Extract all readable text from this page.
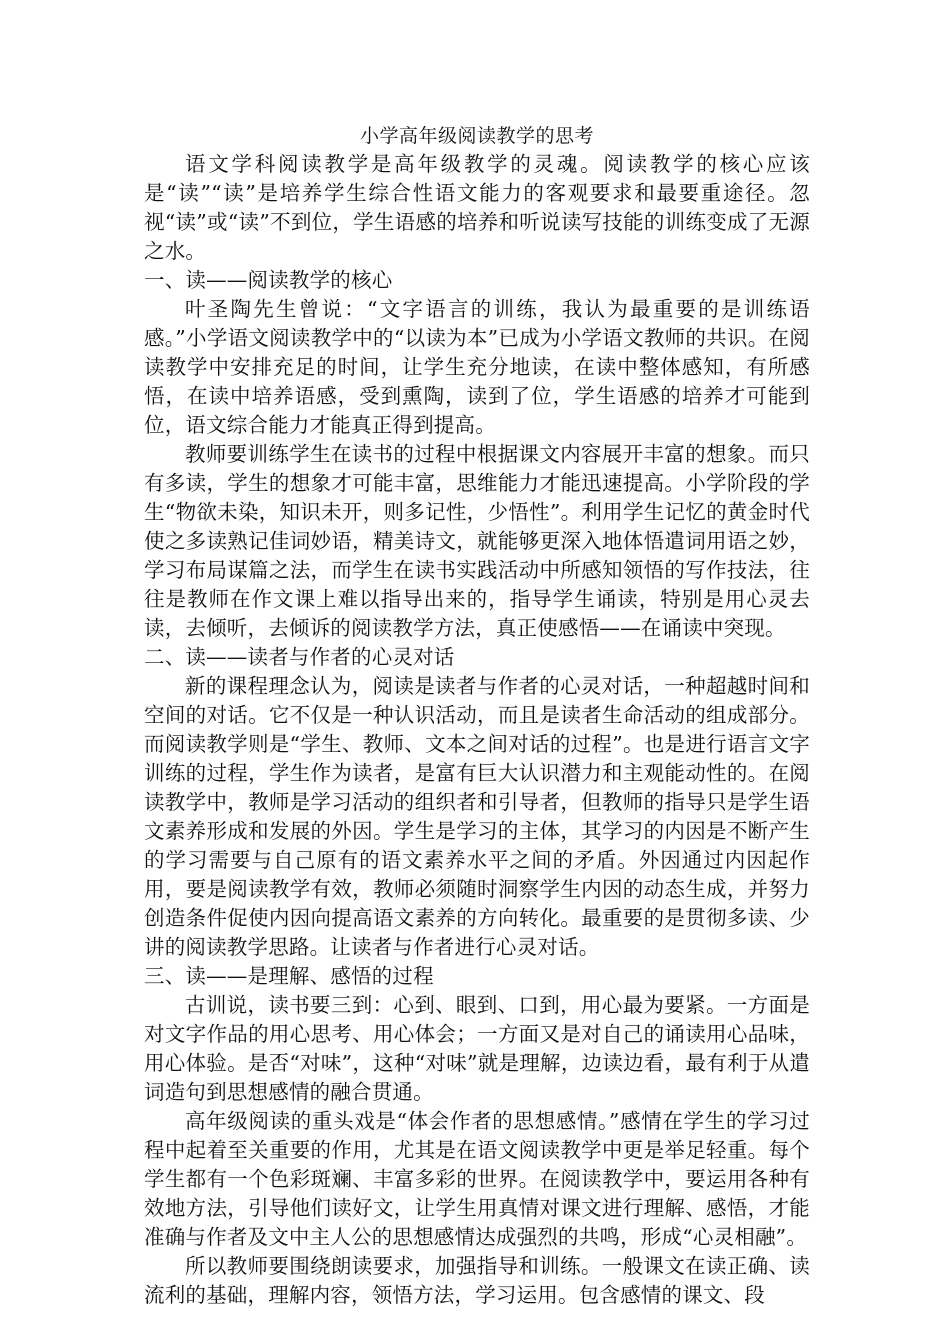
小学高年级阅读教学的思考

语文学科阅读教学是高年级教学的灵魂。阅读教学的核心应该是“读”“读”是培养学生综合性语文能力的客观要求和最要重途径。忽视“读”或“读”不到位，学生语感的培养和听说读写技能的训练变成了无源之水。

一、读——阅读教学的核心

叶圣陶先生曾说：“文字语言的训练，我认为最重要的是训练语感。”小学语文阅读教学中的“以读为本”已成为小学语文教师的共识。在阅读教学中安排充足的时间，让学生充分地读，在读中整体感知，有所感悟，在读中培养语感，受到熏陶，读到了位，学生语感的培养才可能到位，语文综合能力才能真正得到提高。

教师要训练学生在读书的过程中根据课文内容展开丰富的想象。而只有多读，学生的想象才可能丰富，思维能力才能迅速提高。小学阶段的学生“物欲未染，知识未开，则多记性，少悟性”。利用学生记忆的黄金时代使之多读熟记佳词妙语，精美诗文，就能够更深入地体悟遣词用语之妙，学习布局谋篇之法，而学生在读书实践活动中所感知领悟的写作技法，往往是教师在作文课上难以指导出来的，指导学生诵读，特别是用心灵去读，去倾听，去倾诉的阅读教学方法，真正使感悟——在诵读中突现。

二、读——读者与作者的心灵对话

新的课程理念认为，阅读是读者与作者的心灵对话，一种超越时间和空间的对话。它不仅是一种认识活动，而且是读者生命活动的组成部分。而阅读教学则是“学生、教师、文本之间对话的过程”。也是进行语言文字训练的过程，学生作为读者，是富有巨大认识潜力和主观能动性的。在阅读教学中，教师是学习活动的组织者和引导者，但教师的指导只是学生语文素养形成和发展的外因。学生是学习的主体，其学习的内因是不断产生的学习需要与自己原有的语文素养水平之间的矛盾。外因通过内因起作用，要是阅读教学有效，教师必须随时洞察学生内因的动态生成，并努力创造条件促使内因向提高语文素养的方向转化。最重要的是贯彻多读、少讲的阅读教学思路。让读者与作者进行心灵对话。

三、读——是理解、感悟的过程

古训说，读书要三到：心到、眼到、口到，用心最为要紧。一方面是对文字作品的用心思考、用心体会；一方面又是对自己的诵读用心品味，用心体验。是否“对味”，这种“对味”就是理解，边读边看，最有利于从遣词造句到思想感情的融合贯通。

高年级阅读的重头戏是“体会作者的思想感情。”感情在学生的学习过程中起着至关重要的作用，尤其是在语文阅读教学中更是举足轻重。每个学生都有一个色彩斑斓、丰富多彩的世界。在阅读教学中，要运用各种有效地方法，引导他们读好文，让学生用真情对课文进行理解、感悟，才能准确与作者及文中主人公的思想感情达成强烈的共鸣，形成“心灵相融”。

所以教师要围绕朗读要求，加强指导和训练。一般课文在读正确、读流利的基础，理解内容，领悟方法，学习运用。包含感情的课文、段
